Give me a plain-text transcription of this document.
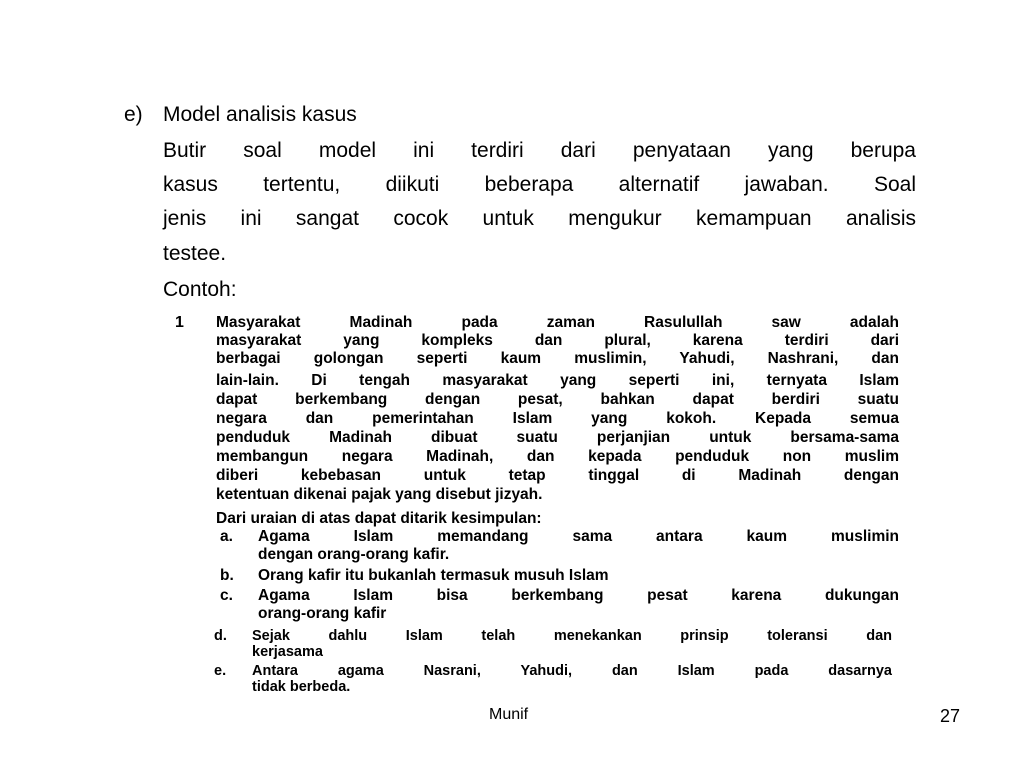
e) Model analisis kasus
Butir soal model ini terdiri dari penyataan yang berupa
kasus tertentu, diikuti beberapa alternatif jawaban. Soal
jenis ini sangat cocok untuk mengukur kemampuan analisis
testee.
Contoh:
1 Masyarakat Madinah pada zaman Rasulullah saw adalah
masyarakat yang kompleks dan plural, karena terdiri dari
berbagai golongan seperti kaum muslimin, Yahudi, Nashrani, dan
lain-lain. Di tengah masyarakat yang seperti ini, ternyata Islam
dapat berkembang dengan pesat, bahkan dapat berdiri suatu
negara dan pemerintahan Islam yang kokoh. Kepada semua
penduduk Madinah dibuat suatu perjanjian untuk bersama-sama
membangun negara Madinah, dan kepada penduduk non muslim
diberi kebebasan untuk tetap tinggal di Madinah dengan
ketentuan dikenai pajak yang disebut jizyah.
Dari uraian di atas dapat ditarik kesimpulan:
a. Agama Islam memandang sama antara kaum muslimin
dengan orang-orang kafir.
b. Orang kafir itu bukanlah termasuk musuh Islam
c. Agama Islam bisa berkembang pesat karena dukungan
orang-orang kafir
d. Sejak dahlu Islam telah menekankan prinsip toleransi dan
kerjasama
e. Antara agama Nasrani, Yahudi, dan Islam pada dasarnya
tidak berbeda.
Munif	27
